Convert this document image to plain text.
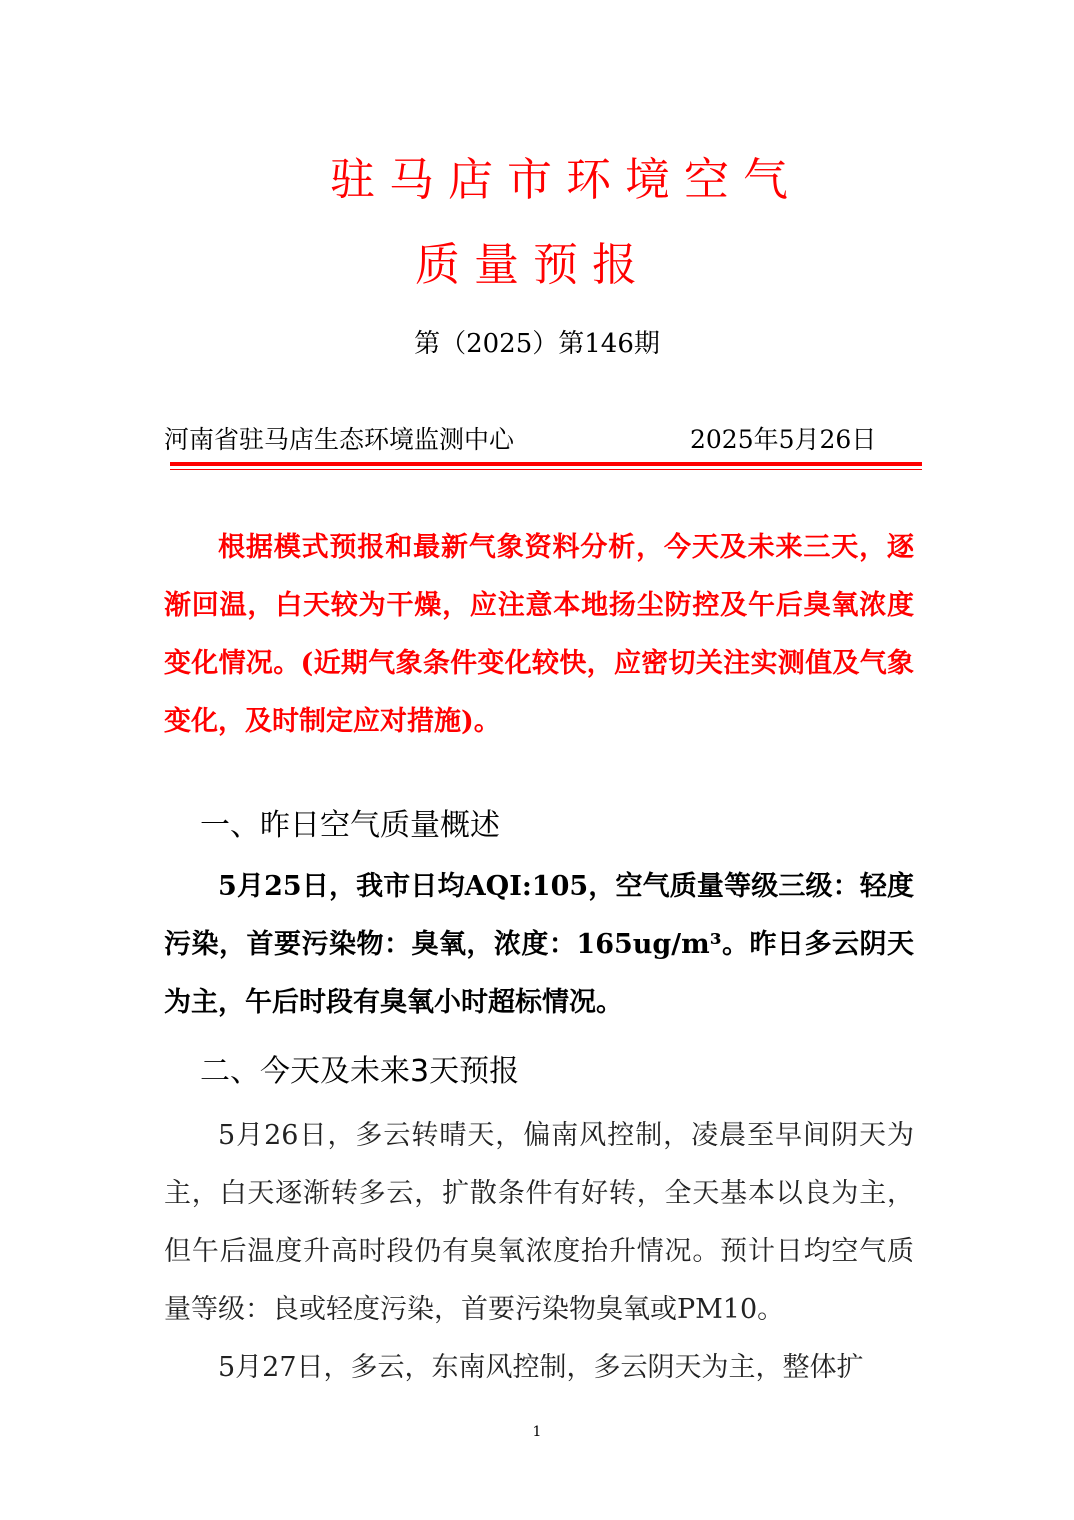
驻马店市环境空气
质量预报
第（2025）第146期
河南省驻马店生态环境监测中心	2025年5月26日

根据模式预报和最新气象资料分析，今天及未来三天，逐渐回温，白天较为干燥，应注意本地扬尘防控及午后臭氧浓度变化情况。(近期气象条件变化较快，应密切关注实测值及气象变化，及时制定应对措施)。

一、昨日空气质量概述

5月25日，我市日均AQI:105，空气质量等级三级：轻度污染，首要污染物：臭氧，浓度：165ug/m³。昨日多云阴天为主，午后时段有臭氧小时超标情况。

二、今天及未来3天预报

5月26日，多云转晴天，偏南风控制，凌晨至早间阴天为主，白天逐渐转多云，扩散条件有好转，全天基本以良为主，但午后温度升高时段仍有臭氧浓度抬升情况。预计日均空气质量等级：良或轻度污染，首要污染物臭氧或PM10。

5月27日，多云，东南风控制，多云阴天为主，整体扩

1
